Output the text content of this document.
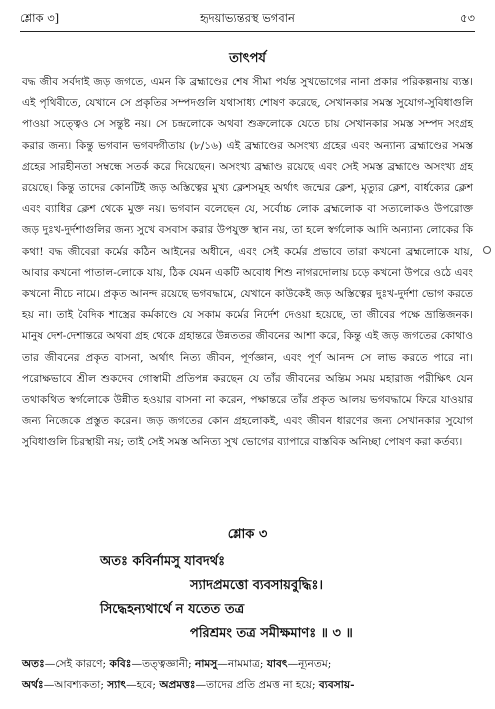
শ্লোক ৩]	হৃদয়াভ্যন্তরস্থ ভগবান	৫৩
তাৎপর্য

বদ্ধ জীব সর্বদাই জড় জগতে, এমন কি ব্রহ্মাণ্ডের শেষ সীমা পর্যন্ত সুখভোগের নানা প্রকার পরিকল্পনায় ব্যস্ত। এই পৃথিবীতে, যেখানে সে প্রকৃতির সম্পদগুলি যথাসাধ্য শোষণ করেছে, সেখানকার সমস্ত সুযোগ-সুবিধাগুলি পাওয়া সত্ত্বেও সে সন্তুষ্ট নয়। সে চন্দ্রলোকে অথবা শুক্রলোকে যেতে চায় সেখানকার সমস্ত সম্পদ সংগ্রহ করার জন্য। কিন্তু ভগবান ভগবদ্গীতায় (৮/১৬) এই ব্রহ্মাণ্ডের অসংখ্য গ্রহের এবং অন্যান্য ব্রহ্মাণ্ডের সমস্ত গ্রহের সারহীনতা সম্বন্ধে সতর্ক করে দিয়েছেন। অসংখ্য ব্রহ্মাণ্ড রয়েছে এবং সেই সমস্ত ব্রহ্মাণ্ডে অসংখ্য গ্রহ রয়েছে। কিন্তু তাদের কোনটিই জড় অস্তিত্বের মুখ্য ক্লেশসমূহ অর্থাৎ জন্মের ক্লেশ, মৃত্যুর ক্লেশ, বার্ধক্যের ক্লেশ এবং ব্যাধির ক্লেশ থেকে মুক্ত নয়। ভগবান বলেছেন যে, সর্বোচ্চ লোক ব্রহ্মলোক বা সত্যলোকও উপরোক্ত জড় দুঃখ-দুর্দশাগুলির জন্য সুখে বসবাস করার উপযুক্ত স্থান নয়, তা হলে স্বর্গলোক আদি অন্যান্য লোকের কি কথা! বদ্ধ জীবেরা কর্মের কঠিন আইনের অধীনে, এবং সেই কর্মের প্রভাবে তারা কখনো ব্রহ্মলোকে যায়, আবার কখনো পাতাল-লোকে যায়, ঠিক যেমন একটি অবোধ শিশু নাগরদোলায় চড়ে কখনো উপরে ওঠে এবং কখনো নীচে নামে। প্রকৃত আনন্দ রয়েছে ভগবদ্ধামে, যেখানে কাউকেই জড় অস্তিত্বের দুঃখ-দুর্দশা ভোগ করতে হয় না। তাই বৈদিক শাস্ত্রের কর্মকাণ্ডে যে সকাম কর্মের নির্দেশ দেওয়া হয়েছে, তা জীবের পক্ষে ভ্রান্তিজনক। মানুষ দেশ-দেশান্তরে অথবা গ্রহ থেকে গ্রহান্তরে উন্নততর জীবনের আশা করে, কিন্তু এই জড় জগতের কোথাও তার জীবনের প্রকৃত বাসনা, অর্থাৎ নিত্য জীবন, পূর্ণজ্ঞান, এবং পূর্ণ আনন্দ সে লাভ করতে পারে না। পরোক্ষভাবে শ্রীল শুকদেব গোস্বামী প্রতিপন্ন করছেন যে তাঁর জীবনের অন্তিম সময় মহারাজ পরীক্ষিৎ যেন তথাকথিত স্বর্গলোকে উন্নীত হওয়ার বাসনা না করেন, পক্ষান্তরে তাঁর প্রকৃত আলয় ভগবদ্ধামে ফিরে যাওয়ার জন্য নিজেকে প্রস্তুত করেন। জড় জগতের কোন গ্রহলোকই, এবং জীবন ধারণের জন্য সেখানকার সুযোগ সুবিধাগুলি চিরস্থায়ী নয়; তাই সেই সমস্ত অনিত্য সুখ ভোগের ব্যাপারে বাস্তবিক অনিচ্ছা পোষণ করা কর্তব্য।

শ্লোক ৩
অতঃ কবির্নামসু যাবদর্থঃ
স্যাদপ্রমত্তো ব্যবসায়বুদ্ধিঃ।
সিদ্ধেহন্যথার্থে ন যতেত তত্র
পরিশ্রমং তত্র সমীক্ষমাণঃ ॥ ৩ ॥

অতঃ—সেই কারণে; কবিঃ—তত্ত্বজ্ঞানী; নামসু—নামমাত্র; যাবৎ—ন্যূনতম;

অর্থঃ—আবশ্যকতা; স্যাৎ—হবে; অপ্রমত্তঃ—তাদের প্রতি প্রমত্ত না হয়ে; ব্যবসায়-
